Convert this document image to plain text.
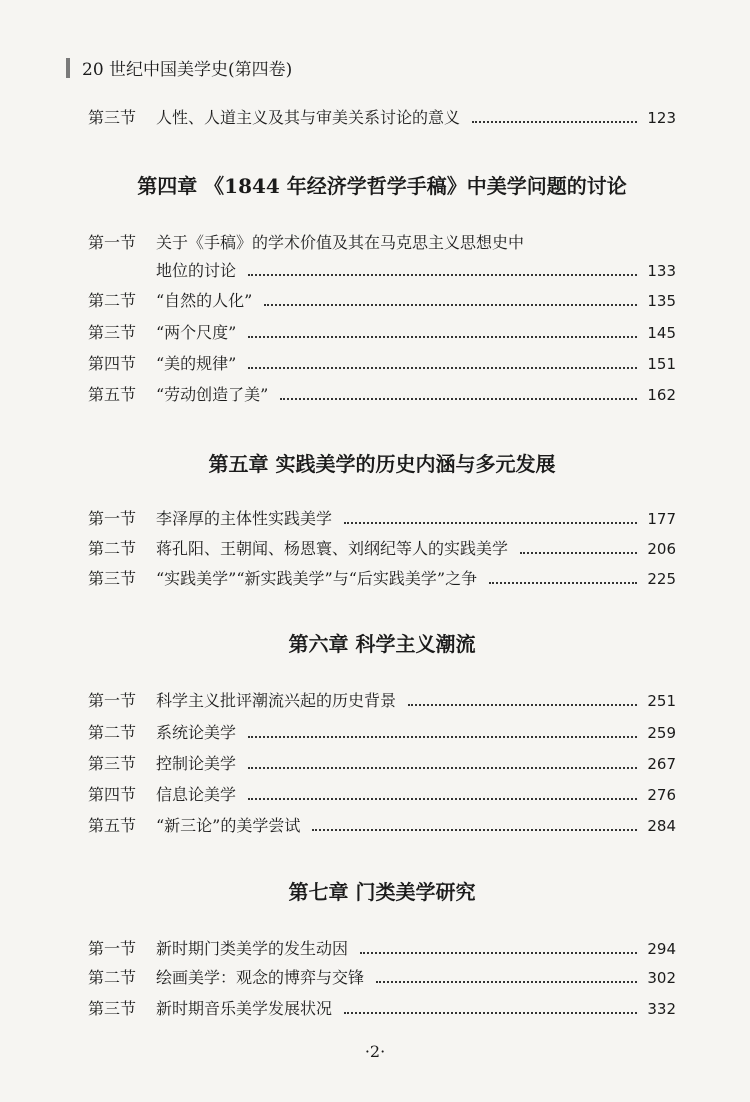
20 世纪中国美学史(第四卷)
第三节	人性、人道主义及其与审美关系讨论的意义	123
第四章 《1844 年经济学哲学手稿》中美学问题的讨论
第一节	关于《手稿》的学术价值及其在马克思主义思想史中
地位的讨论	133
第二节	“自然的人化”	135
第三节	“两个尺度”	145
第四节	“美的规律”	151
第五节	“劳动创造了美”	162
第五章 实践美学的历史内涵与多元发展
第一节	李泽厚的主体性实践美学	177
第二节	蒋孔阳、王朝闻、杨恩寰、刘纲纪等人的实践美学	206
第三节	“实践美学”“新实践美学”与“后实践美学”之争	225
第六章 科学主义潮流
第一节	科学主义批评潮流兴起的历史背景	251
第二节	系统论美学	259
第三节	控制论美学	267
第四节	信息论美学	276
第五节	“新三论”的美学尝试	284
第七章 门类美学研究
第一节	新时期门类美学的发生动因	294
第二节	绘画美学：观念的博弈与交锋	302
第三节	新时期音乐美学发展状况	332
·2·
